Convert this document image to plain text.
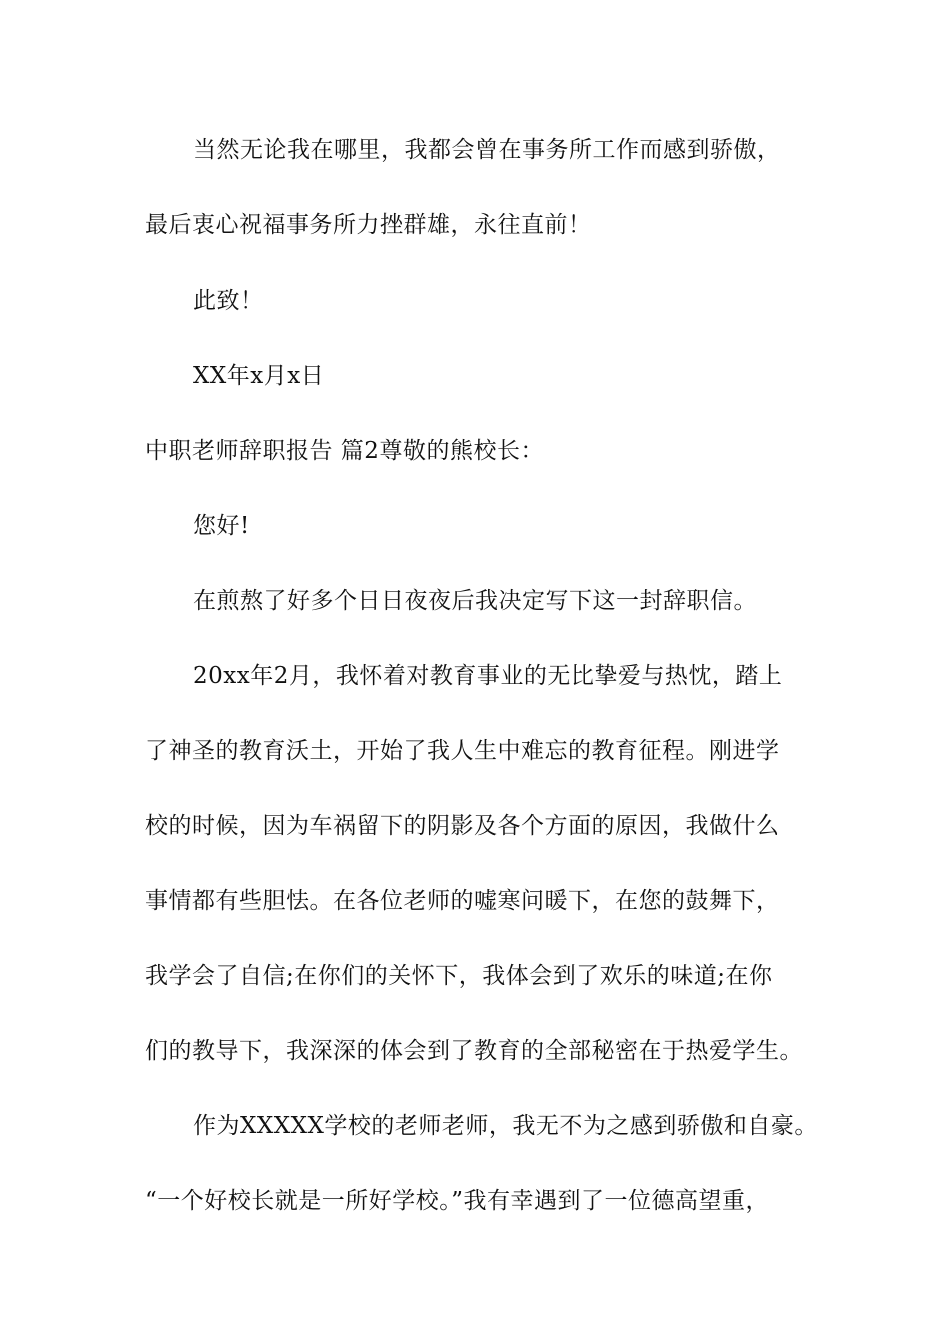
当然无论我在哪里，我都会曾在事务所工作而感到骄傲，
最后衷心祝福事务所力挫群雄，永往直前！
此致！
XX年x月x日
中职老师辞职报告 篇2尊敬的熊校长：
您好!
在煎熬了好多个日日夜夜后我决定写下这一封辞职信。
20xx年2月，我怀着对教育事业的无比挚爱与热忱，踏上
了神圣的教育沃土，开始了我人生中难忘的教育征程。刚进学
校的时候，因为车祸留下的阴影及各个方面的原因，我做什么
事情都有些胆怯。在各位老师的嘘寒问暖下，在您的鼓舞下，
我学会了自信;在你们的关怀下，我体会到了欢乐的味道;在你
们的教导下，我深深的体会到了教育的全部秘密在于热爱学生。
作为XXXXX学校的老师老师，我无不为之感到骄傲和自豪。
“一个好校长就是一所好学校。”我有幸遇到了一位德高望重，
